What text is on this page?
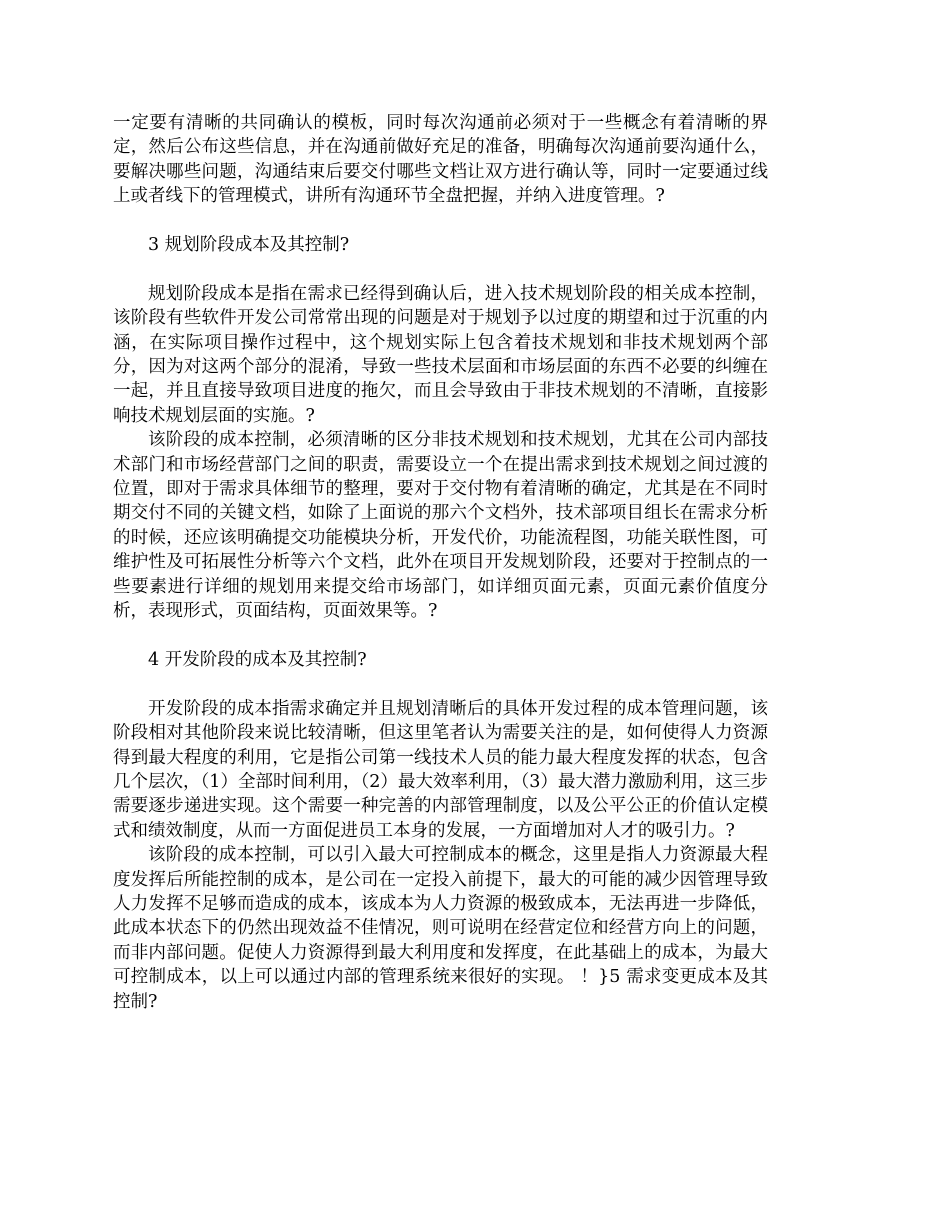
一定要有清晰的共同确认的模板，同时每次沟通前必须对于一些概念有着清晰的界定，然后公布这些信息，并在沟通前做好充足的准备，明确每次沟通前要沟通什么，要解决哪些问题，沟通结束后要交付哪些文档让双方进行确认等，同时一定要通过线上或者线下的管理模式，讲所有沟通环节全盘把握，并纳入进度管理。?

3 规划阶段成本及其控制?

规划阶段成本是指在需求已经得到确认后，进入技术规划阶段的相关成本控制，该阶段有些软件开发公司常常出现的问题是对于规划予以过度的期望和过于沉重的内涵，在实际项目操作过程中，这个规划实际上包含着技术规划和非技术规划两个部分，因为对这两个部分的混淆，导致一些技术层面和市场层面的东西不必要的纠缠在一起，并且直接导致项目进度的拖欠，而且会导致由于非技术规划的不清晰，直接影响技术规划层面的实施。?

该阶段的成本控制，必须清晰的区分非技术规划和技术规划，尤其在公司内部技术部门和市场经营部门之间的职责，需要设立一个在提出需求到技术规划之间过渡的位置，即对于需求具体细节的整理，要对于交付物有着清晰的确定，尤其是在不同时期交付不同的关键文档，如除了上面说的那六个文档外，技术部项目组长在需求分析的时候，还应该明确提交功能模块分析，开发代价，功能流程图，功能关联性图，可维护性及可拓展性分析等六个文档，此外在项目开发规划阶段，还要对于控制点的一些要素进行详细的规划用来提交给市场部门，如详细页面元素，页面元素价值度分析，表现形式，页面结构，页面效果等。?

4 开发阶段的成本及其控制?

开发阶段的成本指需求确定并且规划清晰后的具体开发过程的成本管理问题，该阶段相对其他阶段来说比较清晰，但这里笔者认为需要关注的是，如何使得人力资源得到最大程度的利用，它是指公司第一线技术人员的能力最大程度发挥的状态，包含几个层次，（1）全部时间利用，（2）最大效率利用，（3）最大潜力激励利用，这三步需要逐步递进实现。这个需要一种完善的内部管理制度，以及公平公正的价值认定模式和绩效制度，从而一方面促进员工本身的发展，一方面增加对人才的吸引力。?

该阶段的成本控制，可以引入最大可控制成本的概念，这里是指人力资源最大程度发挥后所能控制的成本，是公司在一定投入前提下，最大的可能的减少因管理导致人力发挥不足够而造成的成本，该成本为人力资源的极致成本，无法再进一步降低，此成本状态下的仍然出现效益不佳情况，则可说明在经营定位和经营方向上的问题，而非内部问题。促使人力资源得到最大利用度和发挥度，在此基础上的成本，为最大可控制成本，以上可以通过内部的管理系统来很好的实现。 ！}5 需求变更成本及其控制?
